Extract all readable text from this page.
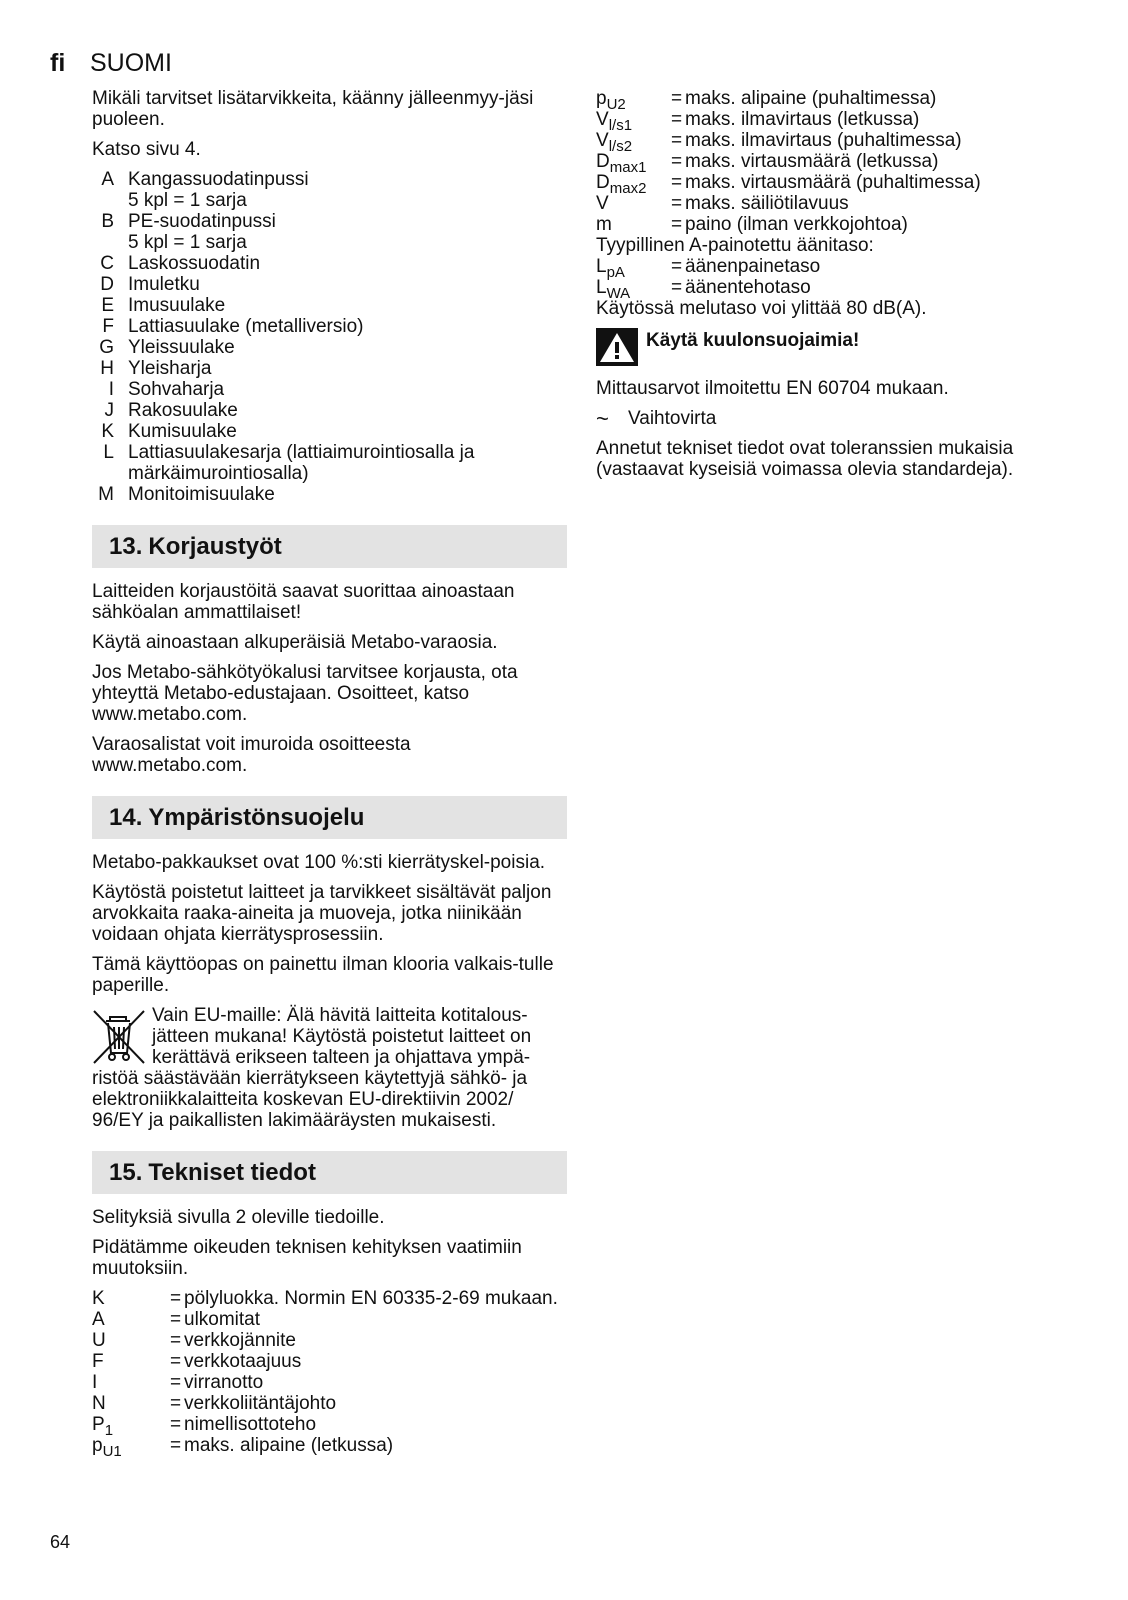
fi SUOMI

Mikäli tarvitset lisätarvikkeita, käänny jälleenmyy-jäsi puoleen.

Katso sivu 4.

A Kangassuodatinpussi
5 kpl = 1 sarja
B PE-suodatinpussi
5 kpl = 1 sarja
C Laskossuodatin
D Imuletku
E Imusuulake
F Lattiasuulake (metalliversio)
G Yleissuulake
H Yleisharja
I Sohvaharja
J Rakosuulake
K Kumisuulake
L Lattiasuulakesarja (lattiaimurointiosalla ja märkäimurointiosalla)
M Monitoimisuulake
13. Korjaustyöt

Laitteiden korjaustöitä saavat suorittaa ainoastaan sähköalan ammattilaiset!

Käytä ainoastaan alkuperäisiä Metabo-varaosia.

Jos Metabo-sähkötyökalusi tarvitsee korjausta, ota yhteyttä Metabo-edustajaan. Osoitteet, katso www.metabo.com.

Varaosalistat voit imuroida osoitteesta www.metabo.com.

14. Ympäristönsuojelu

Metabo-pakkaukset ovat 100 %:sti kierrätyskel-poisia.

Käytöstä poistetut laitteet ja tarvikkeet sisältävät paljon arvokkaita raaka-aineita ja muoveja, jotka niinikään voidaan ohjata kierrätysprosessiin.

Tämä käyttöopas on painettu ilman klooria valkais-tulle paperille.

Vain EU-maille: Älä hävitä laitteita kotitalous-jätteen mukana! Käytöstä poistetut laitteet on kerättävä erikseen talteen ja ohjattava ympä-ristöä säästävään kierrätykseen käytettyjä sähkö- ja elektroniikkalaitteita koskevan EU-direktiivin 2002/ 96/EY ja paikallisten lakimääräysten mukaisesti.
15. Tekniset tiedot

Selityksiä sivulla 2 oleville tiedoille.

Pidätämme oikeuden teknisen kehityksen vaatimiin muutoksiin.

K	= pölyluokka. Normin EN 60335-2-69 mukaan.
A	= ulkomitat
U	= verkkojännite
F	= verkkotaajuus
I	= virranotto
N	= verkkoliitäntäjohto
$P_1$	= nimellisottoteho
$p_{U1}$	= maks. alipaine (letkussa)
$p_{U2}$	= maks. alipaine (puhaltimessa)
$V_{l/s1}$	= maks. ilmavirtaus (letkussa)
$V_{l/s2}$	= maks. ilmavirtaus (puhaltimessa)
$D_{max1}$	= maks. virtausmäärä (letkussa)
$D_{max2}$	= maks. virtausmäärä (puhaltimessa)
V	= maks. säiliötilavuus
m	= paino (ilman verkkojohtoa)
Tyypillinen A-painotettu äänitaso:
$L_{pA}$	= äänenpainetaso
$L_{WA}$	= äänentehotaso

Käytössä melutaso voi ylittää 80 dB(A).

Käytä kuulonsuojaimia!

Mittausarvot ilmoitettu EN 60704 mukaan.

~	Vaihtovirta

Annetut tekniset tiedot ovat toleranssien mukaisia (vastaavat kyseisiä voimassa olevia standardeja).

64
